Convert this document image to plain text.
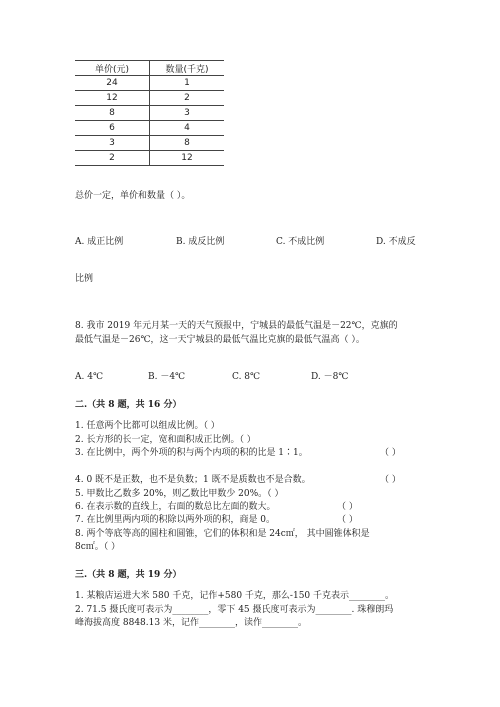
单价(元)	数量(千克)
24	1
12	2
8	3
6	4
3	8
2	12
总价一定，单价和数量（ ）。
A. 成正比例	B. 成反比例	C. 不成比例	D. 不成反
比例
8. 我市 2019 年元月某一天的天气预报中，宁城县的最低气温是－22℃，克旗的
最低气温是－26℃，这一天宁城县的最低气温比克旗的最低气温高（ ）。
A. 4℃	B. －4℃	C. 8℃	D. －8℃
二.（共 8 题，共 16 分）
1. 任意两个比都可以组成比例。（ ）
2. 长方形的长一定，宽和面积成正比例。（ ）
3. 在比例中，两个外项的积与两个内项的积的比是 1∶1。	（ ）
4. 0 既不是正数，也不是负数；1 既不是质数也不是合数。	（ ）
5. 甲数比乙数多 20%，则乙数比甲数少 20%。（ ）
6. 在表示数的直线上，右面的数总比左面的数大。	（ ）
7. 在比例里两内项的积除以两外项的积，商是 0。	（ ）
8. 两个等底等高的圆柱和圆锥，它们的体积和是 24c㎡， 其中圆锥体积是
8c㎡。（ ）
三.（共 8 题，共 19 分）
1. 某粮店运进大米 580 千克，记作+580 千克，那么-150 千克表示________。
2. 71.5 摄氏度可表示为________，零下 45 摄氏度可表示为________. 珠穆朗玛
峰海拔高度 8848.13 米，记作________，读作________。
